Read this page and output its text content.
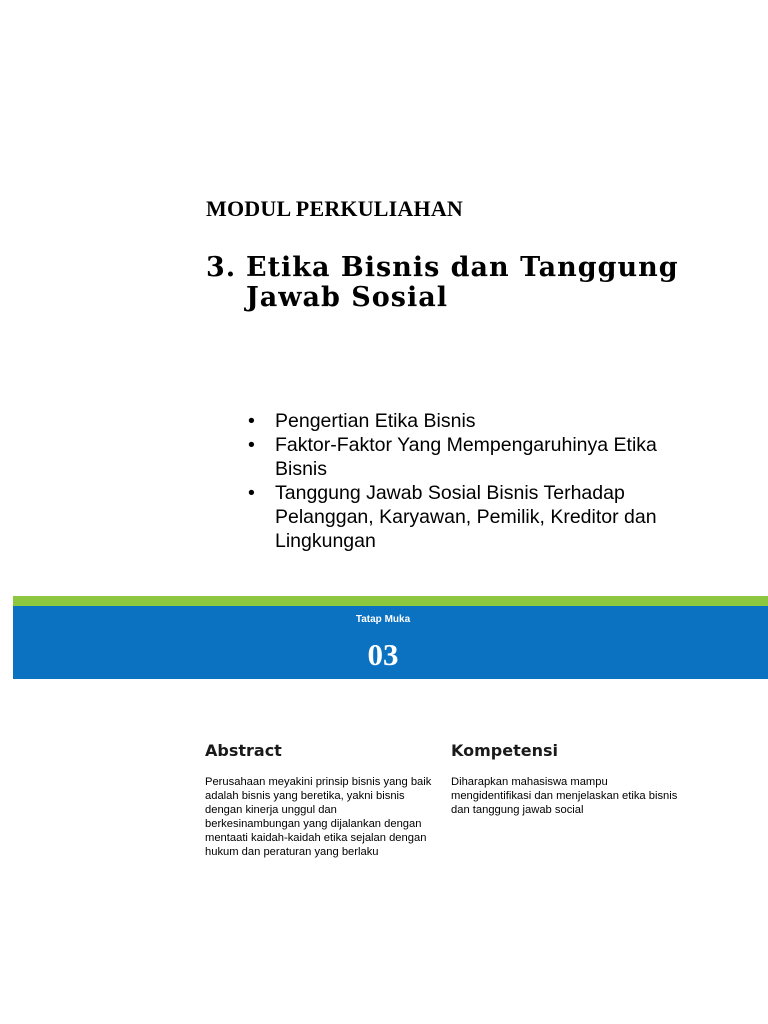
MODUL PERKULIAHAN
3. Etika Bisnis dan Tanggung Jawab Sosial
• Pengertian Etika Bisnis
• Faktor-Faktor Yang Mempengaruhinya Etika Bisnis
• Tanggung Jawab Sosial Bisnis Terhadap Pelanggan, Karyawan, Pemilik, Kreditor dan Lingkungan
Tatap Muka
03
Abstract
Perusahaan meyakini prinsip bisnis yang baik adalah bisnis yang beretika, yakni bisnis dengan kinerja unggul dan berkesinambungan yang dijalankan dengan mentaati kaidah-kaidah etika sejalan dengan hukum dan peraturan yang berlaku
Kompetensi
Diharapkan mahasiswa mampu mengidentifikasi dan menjelaskan etika bisnis dan tanggung jawab social
